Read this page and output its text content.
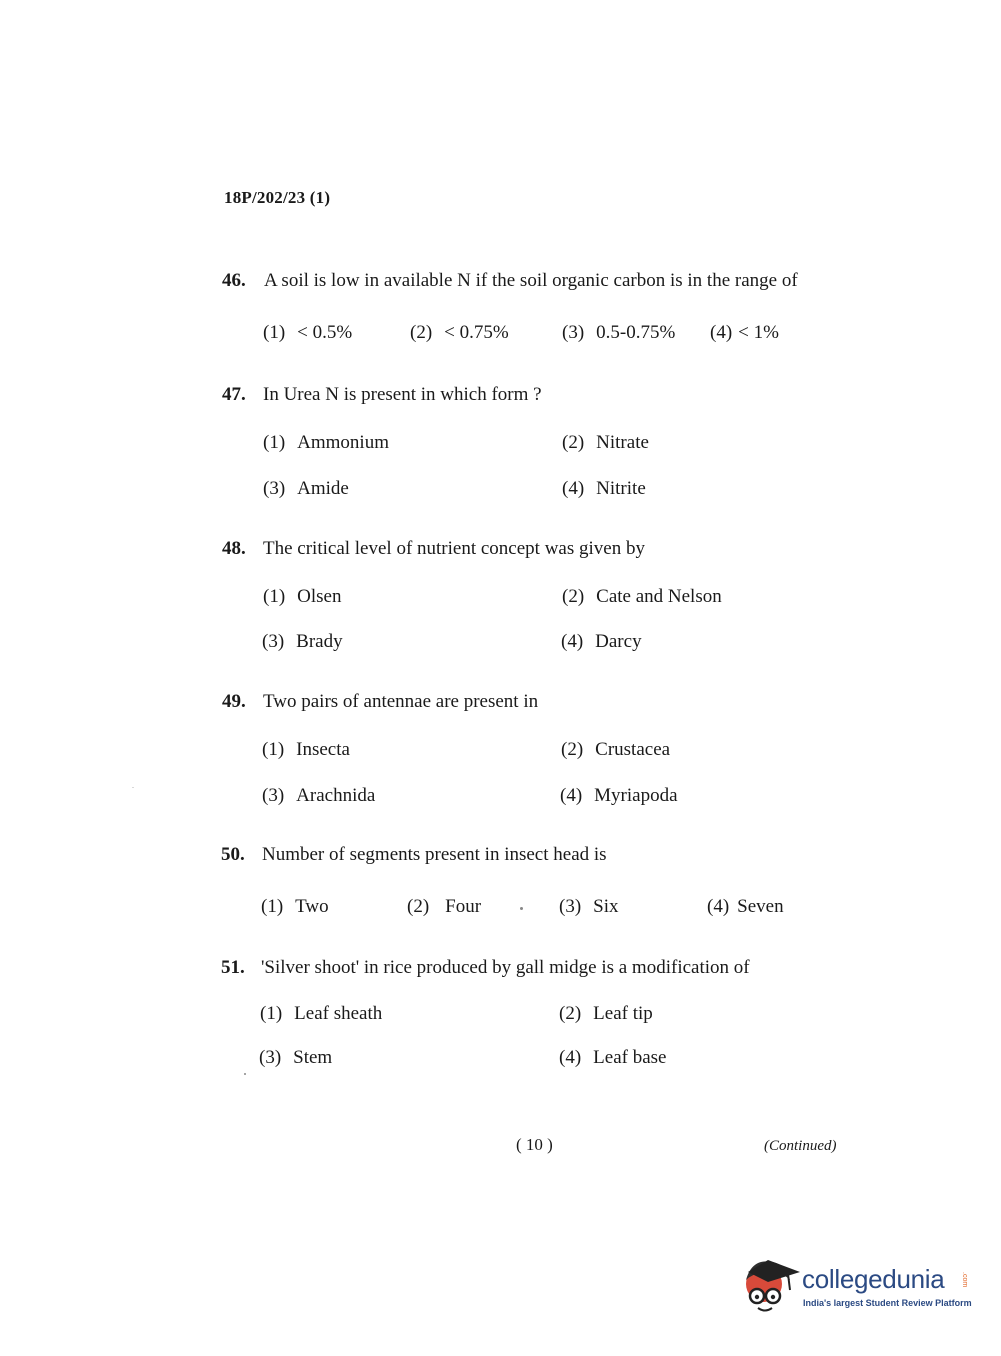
18P/202/23 (1)
46. A soil is low in available N if the soil organic carbon is in the range of
(1) < 0.5%	(2) < 0.75%	(3) 0.5-0.75% (4) < 1%
47. In Urea N is present in which form ?
(1) Ammonium	(2) Nitrate
(3) Amide	(4) Nitrite
48. The critical level of nutrient concept was given by
(1) Olsen	(2) Cate and Nelson
(3) Brady	(4) Darcy
49. Two pairs of antennae are present in
(1) Insecta	(2) Crustacea
(3) Arachnida	(4) Myriapoda
50. Number of segments present in insect head is
(1) Two	(2) Four	(3) Six	(4) Seven
51. 'Silver shoot' in rice produced by gall midge is a modification of
(1) Leaf sheath	(2) Leaf tip
(3) Stem	(4) Leaf base
( 10 )	(Continued)
collegedunia .com
India's largest Student Review Platform
